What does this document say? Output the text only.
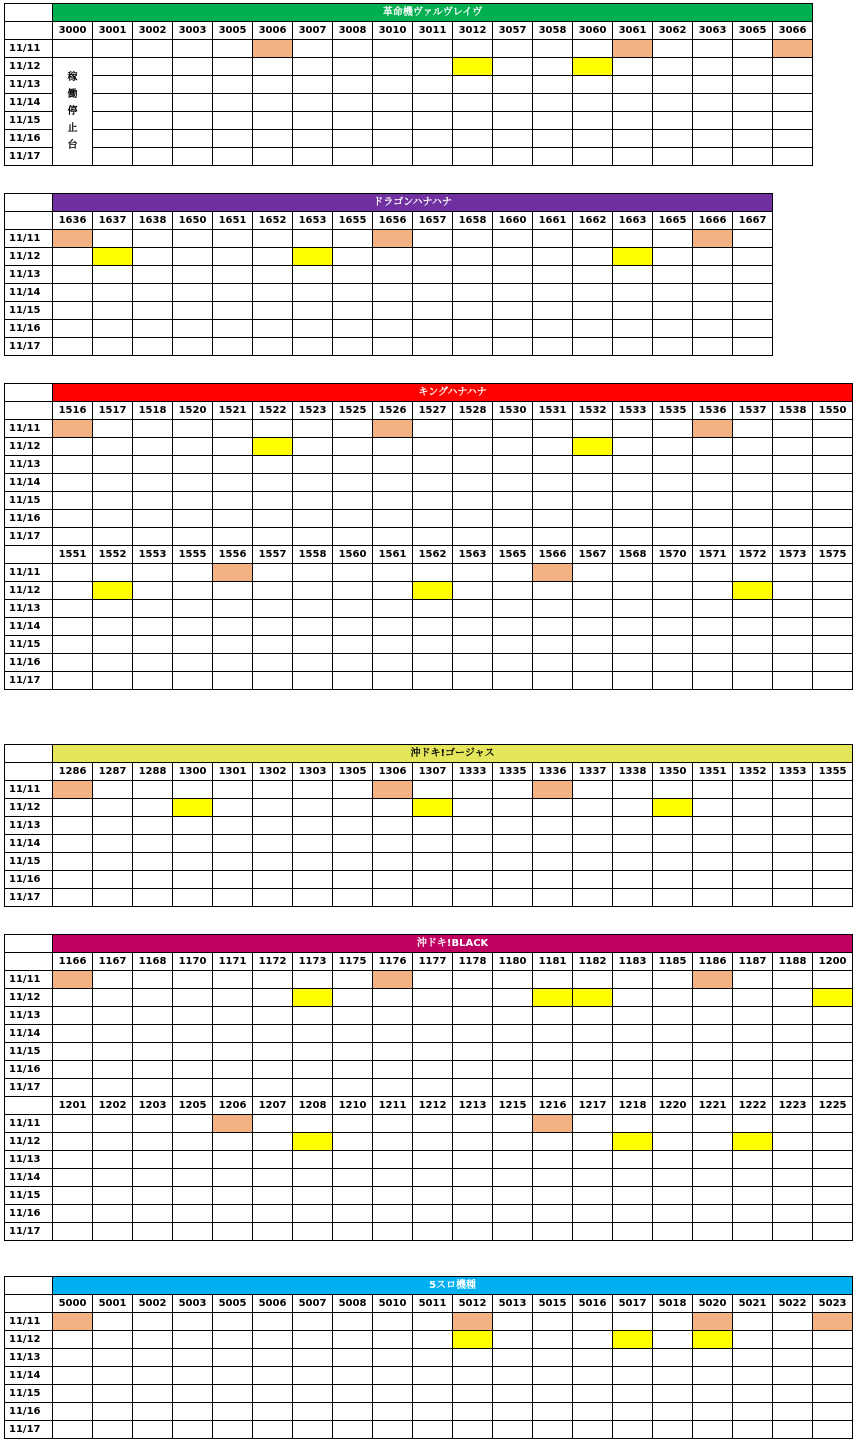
	革命機ヴァルヴレイヴ																		
	3000	3001	3002	3003	3005	3006	3007	3008	3010	3011	3012	3057	3058	3060	3061	3062	3063	3065	3066
11/11																			
11/12	稼働停止台																		

11/13																			
11/14																			
11/15																			
11/16																			
11/17																			
	ドラゴンハナハナ																	
	1636	1637	1638	1650	1651	1652	1653	1655	1656	1657	1658	1660	1661	1662	1663	1665	1666	1667
11/11																		
11/12																		
11/13																		
11/14																		
11/15																		
11/16																		
11/17																		
	キングハナハナ																			
	1516	1517	1518	1520	1521	1522	1523	1525	1526	1527	1528	1530	1531	1532	1533	1535	1536	1537	1538	1550
11/11																				
11/12																				
11/13																				
11/14																				
11/15																				
11/16																				
11/17																				
	1551	1552	1553	1555	1556	1557	1558	1560	1561	1562	1563	1565	1566	1567	1568	1570	1571	1572	1573	1575
11/11																				
11/12																				
11/13																				
11/14																				
11/15																				
11/16																				
11/17																				
	沖ドキ!ゴージャス																			
	1286	1287	1288	1300	1301	1302	1303	1305	1306	1307	1333	1335	1336	1337	1338	1350	1351	1352	1353	1355
11/11																				
11/12																				
11/13																				
11/14																				
11/15																				
11/16																				
11/17																				
	沖ドキ!BLACK																			
	1166	1167	1168	1170	1171	1172	1173	1175	1176	1177	1178	1180	1181	1182	1183	1185	1186	1187	1188	1200
11/11																				
11/12																				
11/13																				
11/14																				
11/15																				
11/16																				
11/17																				
	1201	1202	1203	1205	1206	1207	1208	1210	1211	1212	1213	1215	1216	1217	1218	1220	1221	1222	1223	1225
11/11																				
11/12																				
11/13																				
11/14																				
11/15																				
11/16																				
11/17																				
	5スロ機種																			
	5000	5001	5002	5003	5005	5006	5007	5008	5010	5011	5012	5013	5015	5016	5017	5018	5020	5021	5022	5023
11/11																				
11/12																				
11/13																				
11/14																				
11/15																				
11/16																				
11/17																				
